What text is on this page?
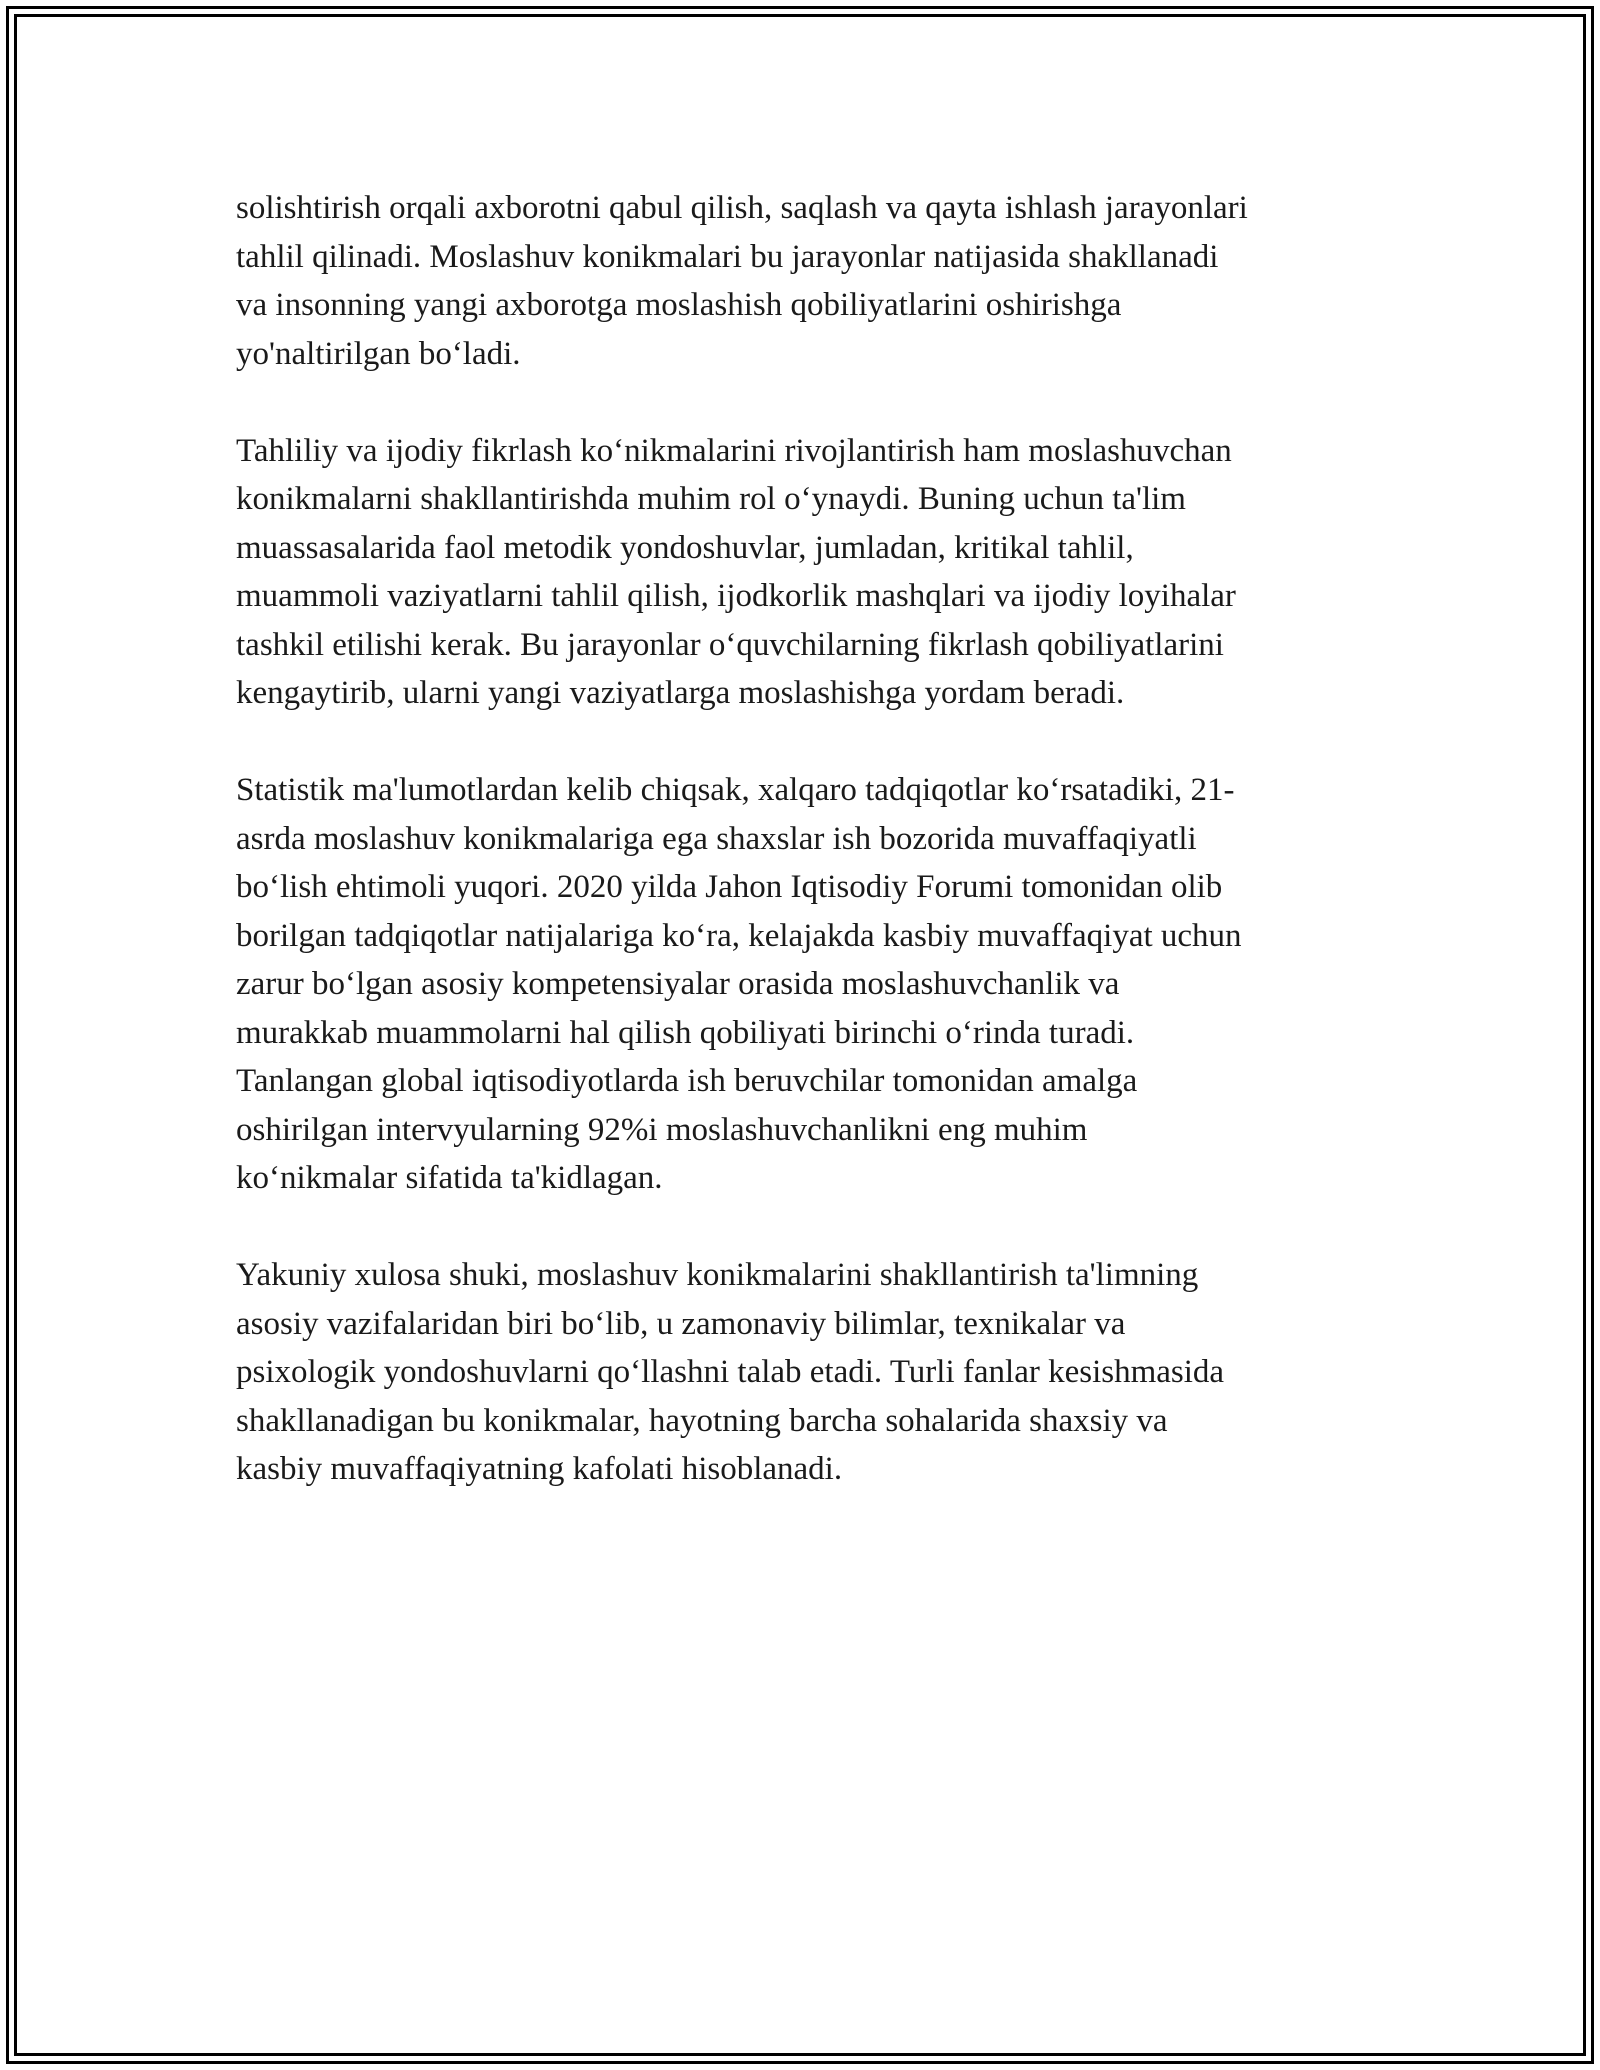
solishtirish orqali axborotni qabul qilish, saqlash va qayta ishlash jarayonlari
tahlil qilinadi. Moslashuv konikmalari bu jarayonlar natijasida shakllanadi
va insonning yangi axborotga moslashish qobiliyatlarini oshirishga
yo'naltirilgan bo‘ladi.

Tahliliy va ijodiy fikrlash ko‘nikmalarini rivojlantirish ham moslashuvchan
konikmalarni shakllantirishda muhim rol o‘ynaydi. Buning uchun ta'lim
muassasalarida faol metodik yondoshuvlar, jumladan, kritikal tahlil,
muammoli vaziyatlarni tahlil qilish, ijodkorlik mashqlari va ijodiy loyihalar
tashkil etilishi kerak. Bu jarayonlar o‘quvchilarning fikrlash qobiliyatlarini
kengaytirib, ularni yangi vaziyatlarga moslashishga yordam beradi.

Statistik ma'lumotlardan kelib chiqsak, xalqaro tadqiqotlar ko‘rsatadiki, 21-
asrda moslashuv konikmalariga ega shaxslar ish bozorida muvaffaqiyatli
bo‘lish ehtimoli yuqori. 2020 yilda Jahon Iqtisodiy Forumi tomonidan olib
borilgan tadqiqotlar natijalariga ko‘ra, kelajakda kasbiy muvaffaqiyat uchun
zarur bo‘lgan asosiy kompetensiyalar orasida moslashuvchanlik va
murakkab muammolarni hal qilish qobiliyati birinchi o‘rinda turadi.
Tanlangan global iqtisodiyotlarda ish beruvchilar tomonidan amalga
oshirilgan intervyularning 92%i moslashuvchanlikni eng muhim
ko‘nikmalar sifatida ta'kidlagan.

Yakuniy xulosa shuki, moslashuv konikmalarini shakllantirish ta'limning
asosiy vazifalaridan biri bo‘lib, u zamonaviy bilimlar, texnikalar va
psixologik yondoshuvlarni qo‘llashni talab etadi. Turli fanlar kesishmasida
shakllanadigan bu konikmalar, hayotning barcha sohalarida shaxsiy va
kasbiy muvaffaqiyatning kafolati hisoblanadi.
